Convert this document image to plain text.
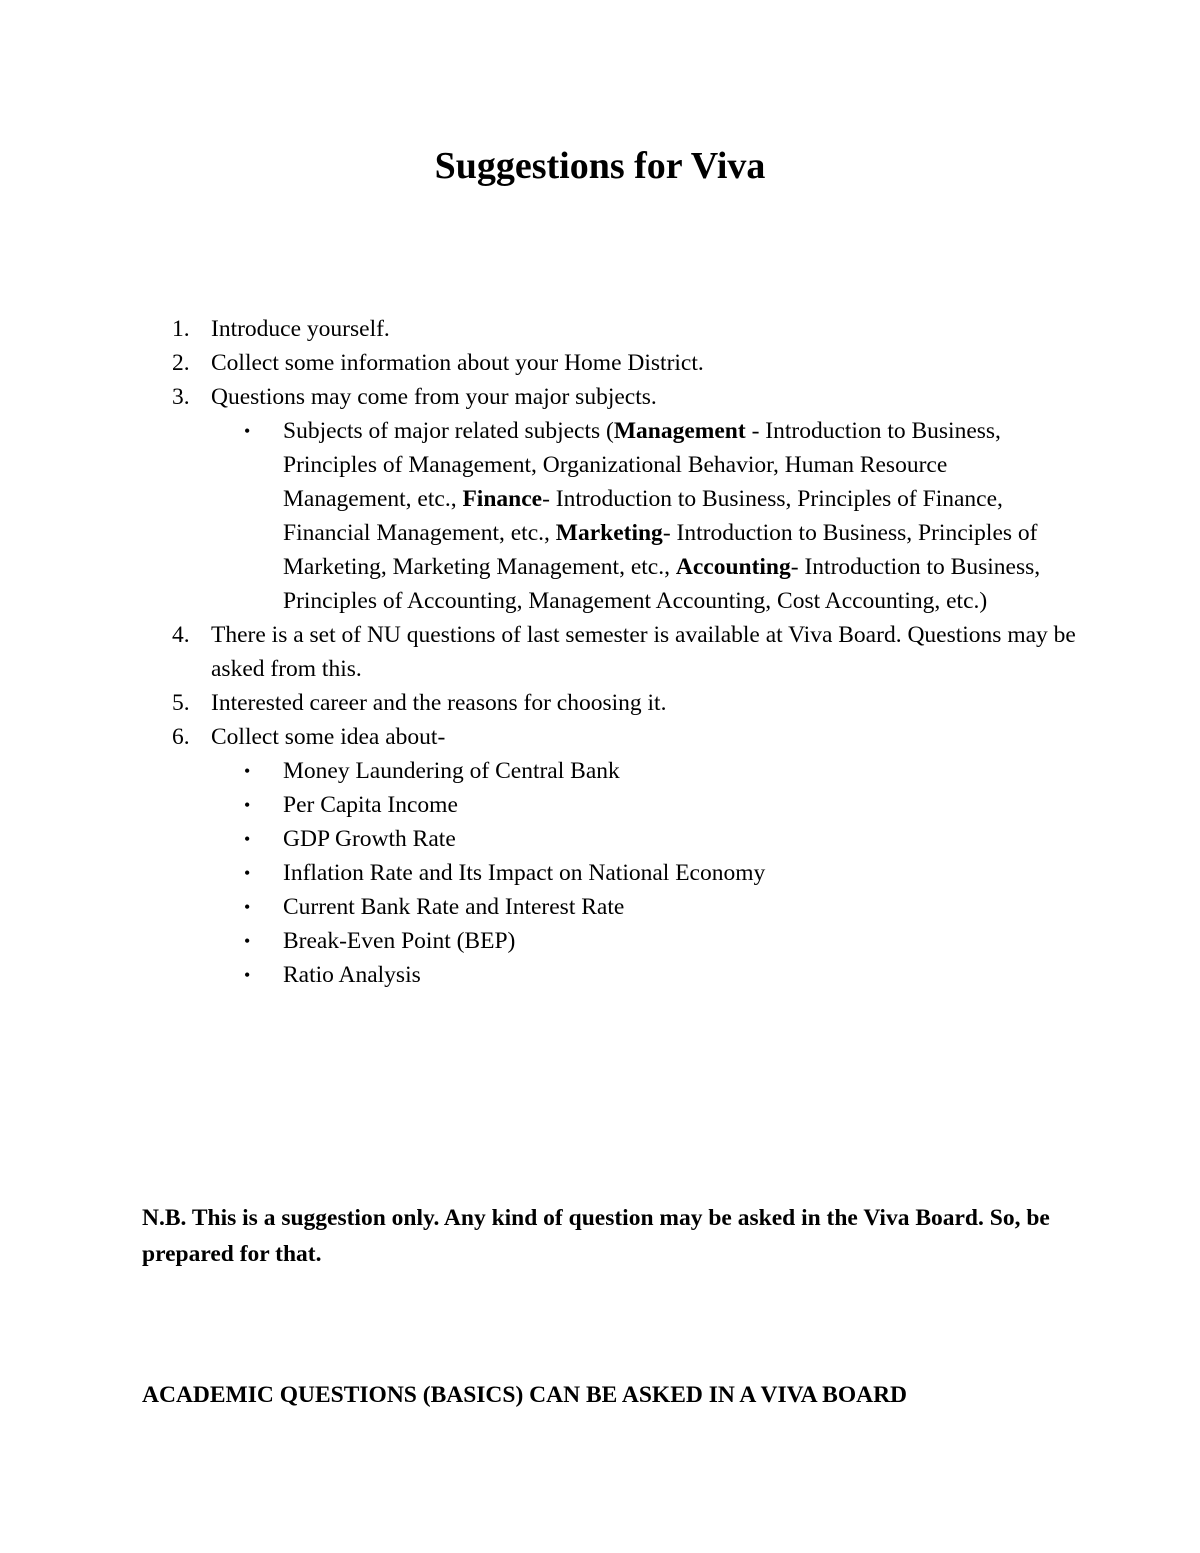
Suggestions for Viva
1. Introduce yourself.
2. Collect some information about your Home District.
3. Questions may come from your major subjects.
•	Subjects of major related subjects (Management - Introduction to Business, Principles of Management, Organizational Behavior, Human Resource Management, etc., Finance- Introduction to Business, Principles of Finance, Financial Management, etc., Marketing- Introduction to Business, Principles of Marketing, Marketing Management, etc., Accounting- Introduction to Business, Principles of Accounting, Management Accounting, Cost Accounting, etc.)
4. There is a set of NU questions of last semester is available at Viva Board. Questions may be asked from this.
5. Interested career and the reasons for choosing it.
6. Collect some idea about-
•	Money Laundering of Central Bank
•	Per Capita Income
•	GDP Growth Rate
•	Inflation Rate and Its Impact on National Economy
•	Current Bank Rate and Interest Rate
•	Break-Even Point (BEP)
•	Ratio Analysis

N.B. This is a suggestion only. Any kind of question may be asked in the Viva Board. So, be prepared for that.

ACADEMIC QUESTIONS (BASICS) CAN BE ASKED IN A VIVA BOARD
